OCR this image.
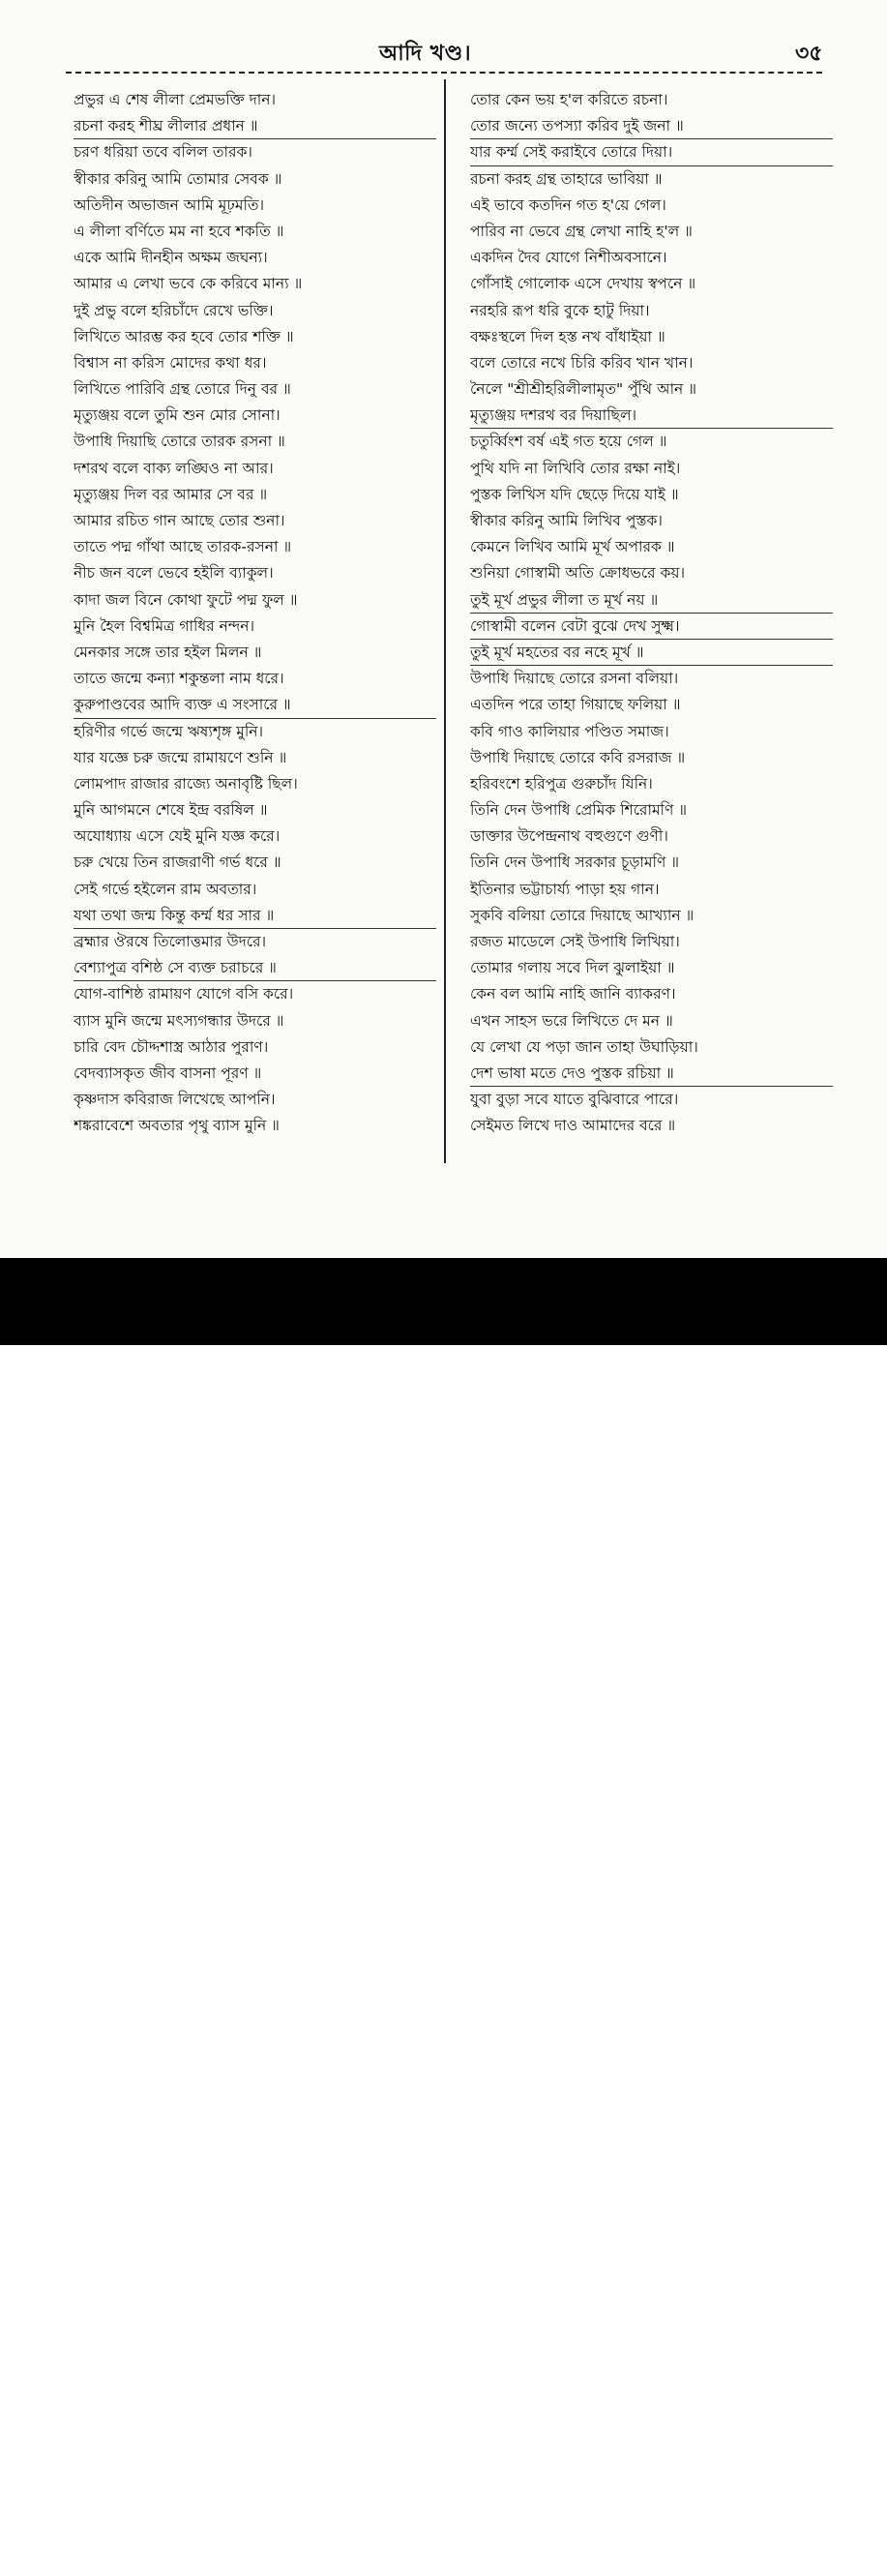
আদি খণ্ড।	৩৫
প্রভুর এ শেষ লীলা প্রেমভক্তি দান।
রচনা করহ শীঘ্র লীলার প্রধান ॥
চরণ ধরিয়া তবে বলিল তারক।
স্বীকার করিনু আমি তোমার সেবক ॥
অতিদীন অভাজন আমি মূঢ়মতি।
এ লীলা বর্ণিতে মম না হবে শকতি ॥
একে আমি দীনহীন অক্ষম জঘন্য।
আমার এ লেখা ভবে কে করিবে মান্য ॥
দুই প্রভু বলে হরিচাঁদে রেখে ভক্তি।
লিখিতে আরম্ভ কর হবে তোর শক্তি ॥
বিশ্বাস না করিস মোদের কথা ধর।
লিখিতে পারিবি গ্রন্থ তোরে দিনু বর ॥
মৃত্যুঞ্জয় বলে তুমি শুন মোর সোনা।
উপাধি দিয়াছি তোরে তারক রসনা ॥
দশরথ বলে বাক্য লঙ্ঘিও না আর।
মৃত্যুঞ্জয় দিল বর আমার সে বর ॥
আমার রচিত গান আছে তোর শুনা।
তাতে পদ্ম গাঁথা আছে তারক-রসনা ॥
নীচ জন বলে ভেবে হইলি ব্যাকুল।
কাদা জল বিনে কোথা ফুটে পদ্ম ফুল ॥
মুনি হৈল বিশ্বমিত্র গাধির নন্দন।
মেনকার সঙ্গে তার হইল মিলন ॥
তাতে জন্মে কন্যা শকুন্তলা নাম ধরে।
কুরুপাণ্ডবের আদি ব্যক্ত এ সংসারে ॥
হরিণীর গর্ভে জন্মে ঋষ্যশৃঙ্গ মুনি।
যার যজ্ঞে চরু জন্মে রামায়ণে শুনি ॥
লোমপাদ রাজার রাজ্যে অনাবৃষ্টি ছিল।
মুনি আগমনে শেষে ইন্দ্র বরষিল ॥
অযোধ্যায় এসে যেই মুনি যজ্ঞ করে।
চরু খেয়ে তিন রাজরাণী গর্ভ ধরে ॥
সেই গর্ভে হইলেন রাম অবতার।
যথা তথা জন্ম কিন্তু কর্ম্ম ধর সার ॥
ব্রহ্মার ঔরষে তিলোত্তমার উদরে।
বেশ্যাপুত্র বশিষ্ঠ সে ব্যক্ত চরাচরে ॥
যোগ-বাশিষ্ঠ রামায়ণ যোগে বসি করে।
ব্যাস মুনি জন্মে মৎস্যগন্ধার উদরে ॥
চারি বেদ চৌদ্দশাস্ত্র আঠার পুরাণ।
বেদব্যাসকৃত জীব বাসনা পূরণ ॥
কৃষ্ণদাস কবিরাজ লিখেছে আপনি।
শঙ্করাবেশে অবতার পৃথু ব্যাস মুনি ॥
তোর কেন ভয় হ'ল করিতে রচনা।
তোর জন্যে তপস্যা করিব দুই জনা ॥
যার কর্ম্ম সেই করাইবে তোরে দিয়া।
রচনা করহ গ্রন্থ তাহারে ভাবিয়া ॥
এই ভাবে কতদিন গত হ'য়ে গেল।
পারিব না ভেবে গ্রন্থ লেখা নাহি হ'ল ॥
একদিন দৈব যোগে নিশীঅবসানে।
গোঁসাই গোলোক এসে দেখায় স্বপনে ॥
নরহরি রূপ ধরি বুকে হাটু দিয়া।
বক্ষঃস্থলে দিল হস্ত নখ বাঁধাইয়া ॥
বলে তোরে নখে চিরি করিব খান খান।
নৈলে "শ্রীশ্রীহরিলীলামৃত" পুঁথি আন ॥
মৃত্যুঞ্জয় দশরথ বর দিয়াছিল।
চতুর্ব্বিংশ বর্ষ এই গত হয়ে গেল ॥
পুথি যদি না লিখিবি তোর রক্ষা নাই।
পুস্তক লিখিস যদি ছেড়ে দিয়ে যাই ॥
স্বীকার করিনু আমি লিখিব পুস্তক।
কেমনে লিখিব আমি মূর্খ অপারক ॥
শুনিয়া গোস্বামী অতি ক্রোধভরে কয়।
তুই মূর্খ প্রভুর লীলা ত মূর্খ নয় ॥
গোস্বামী বলেন বেটা বুঝে দেখ সুক্ষ্ম।
তুই মূর্খ মহতের বর নহে মূর্খ ॥
উপাধি দিয়াছে তোরে রসনা বলিয়া।
এতদিন পরে তাহা গিয়াছে ফলিয়া ॥
কবি গাও কালিয়ার পণ্ডিত সমাজ।
উপাধি দিয়াছে তোরে কবি রসরাজ ॥
হরিবংশে হরিপুত্র গুরুচাঁদ যিনি।
তিনি দেন উপাধি প্রেমিক শিরোমণি ॥
ডাক্তার উপেন্দ্রনাথ বহুগুণে গুণী।
তিনি দেন উপাধি সরকার চূড়ামণি ॥
ইতিনার ভট্টাচার্য্য পাড়া হয় গান।
সুকবি বলিয়া তোরে দিয়াছে আখ্যান ॥
রজত মাডেলে সেই উপাধি লিখিয়া।
তোমার গলায় সবে দিল ঝুলাইয়া ॥
কেন বল আমি নাহি জানি ব্যাকরণ।
এখন সাহস ভরে লিখিতে দে মন ॥
যে লেখা যে পড়া জান তাহা উঘাড়িয়া।
দেশ ভাষা মতে দেও পুস্তক রচিয়া ॥
যুবা বুড়া সবে যাতে বুঝিবারে পারে।
সেইমত লিখে দাও আমাদের বরে ॥
alamy	Image ID: KJDRK5
www.alamy.com
